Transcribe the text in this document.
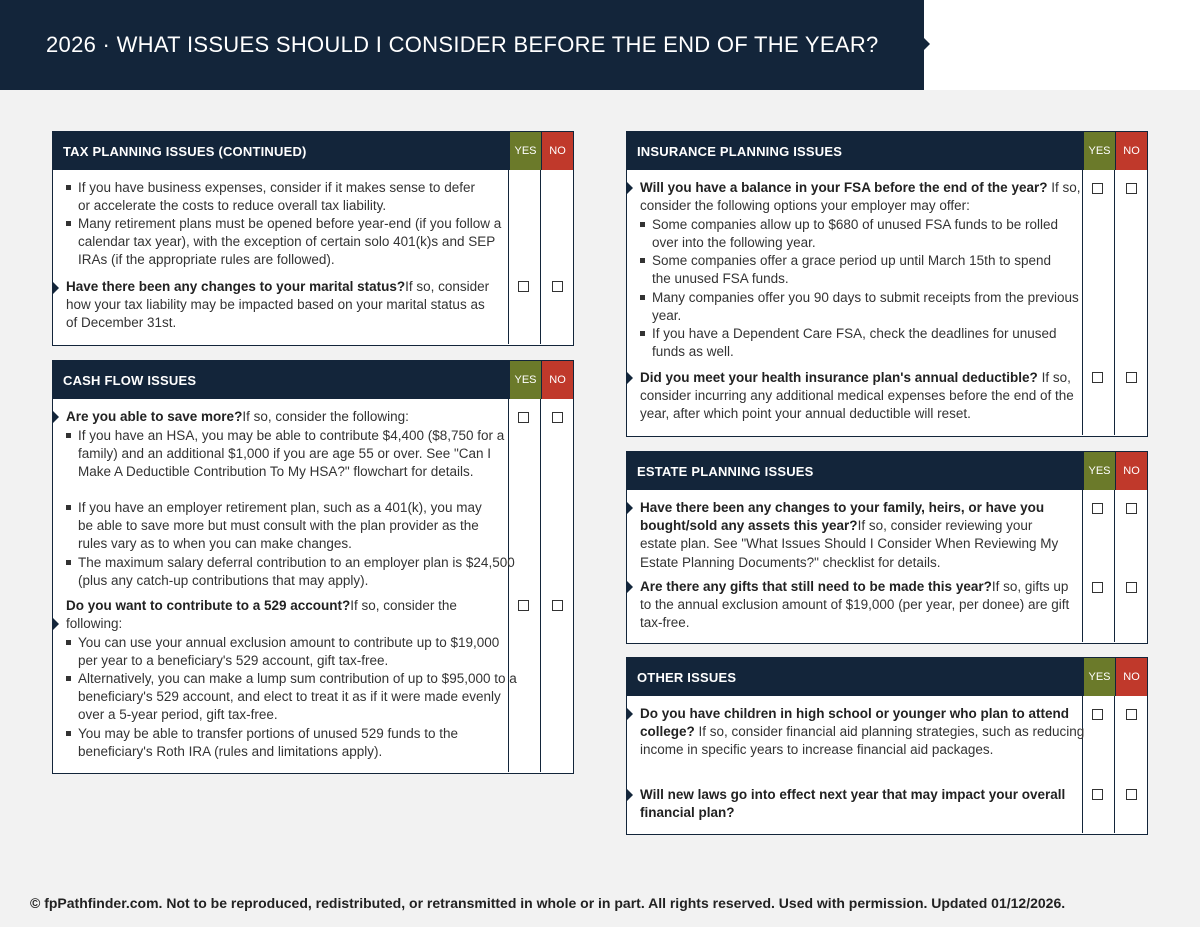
2026 · WHAT ISSUES SHOULD I CONSIDER BEFORE THE END OF THE YEAR?
TAX PLANNING ISSUES (CONTINUED)	YES	NO
If you have business expenses, consider if it makes sense to defer or accelerate the costs to reduce overall tax liability.
Many retirement plans must be opened before year-end (if you follow a calendar tax year), with the exception of certain solo 401(k)s and SEP IRAs (if the appropriate rules are followed).
Have there been any changes to your marital status?If so, consider how your tax liability may be impacted based on your marital status as of December 31st.
CASH FLOW ISSUES	YES	NO
Are you able to save more?If so, consider the following:
If you have an HSA, you may be able to contribute $4,400 ($8,750 for a family) and an additional $1,000 if you are age 55 or over. See "Can I Make A Deductible Contribution To My HSA?" flowchart for details.
If you have an employer retirement plan, such as a 401(k), you may be able to save more but must consult with the plan provider as the rules vary as to when you can make changes.
The maximum salary deferral contribution to an employer plan is $24,500 (plus any catch-up contributions that may apply).
Do you want to contribute to a 529 account?If so, consider the following:
You can use your annual exclusion amount to contribute up to $19,000 per year to a beneficiary's 529 account, gift tax-free.
Alternatively, you can make a lump sum contribution of up to $95,000 to a beneficiary's 529 account, and elect to treat it as if it were made evenly over a 5-year period, gift tax-free.
You may be able to transfer portions of unused 529 funds to the beneficiary's Roth IRA (rules and limitations apply).
INSURANCE PLANNING ISSUES	YES	NO
Will you have a balance in your FSA before the end of the year? If so, consider the following options your employer may offer:
Some companies allow up to $680 of unused FSA funds to be rolled over into the following year.
Some companies offer a grace period up until March 15th to spend the unused FSA funds.
Many companies offer you 90 days to submit receipts from the previous year.
If you have a Dependent Care FSA, check the deadlines for unused funds as well.
Did you meet your health insurance plan's annual deductible? If so, consider incurring any additional medical expenses before the end of the year, after which point your annual deductible will reset.
ESTATE PLANNING ISSUES	YES	NO
Have there been any changes to your family, heirs, or have you bought/sold any assets this year?If so, consider reviewing your estate plan. See "What Issues Should I Consider When Reviewing My Estate Planning Documents?" checklist for details.
Are there any gifts that still need to be made this year?If so, gifts up to the annual exclusion amount of $19,000 (per year, per donee) are gift tax-free.
OTHER ISSUES	YES	NO
Do you have children in high school or younger who plan to attend college? If so, consider financial aid planning strategies, such as reducing income in specific years to increase financial aid packages.
Will new laws go into effect next year that may impact your overall financial plan?
© fpPathfinder.com. Not to be reproduced, redistributed, or retransmitted in whole or in part. All rights reserved. Used with permission. Updated 01/12/2026.
